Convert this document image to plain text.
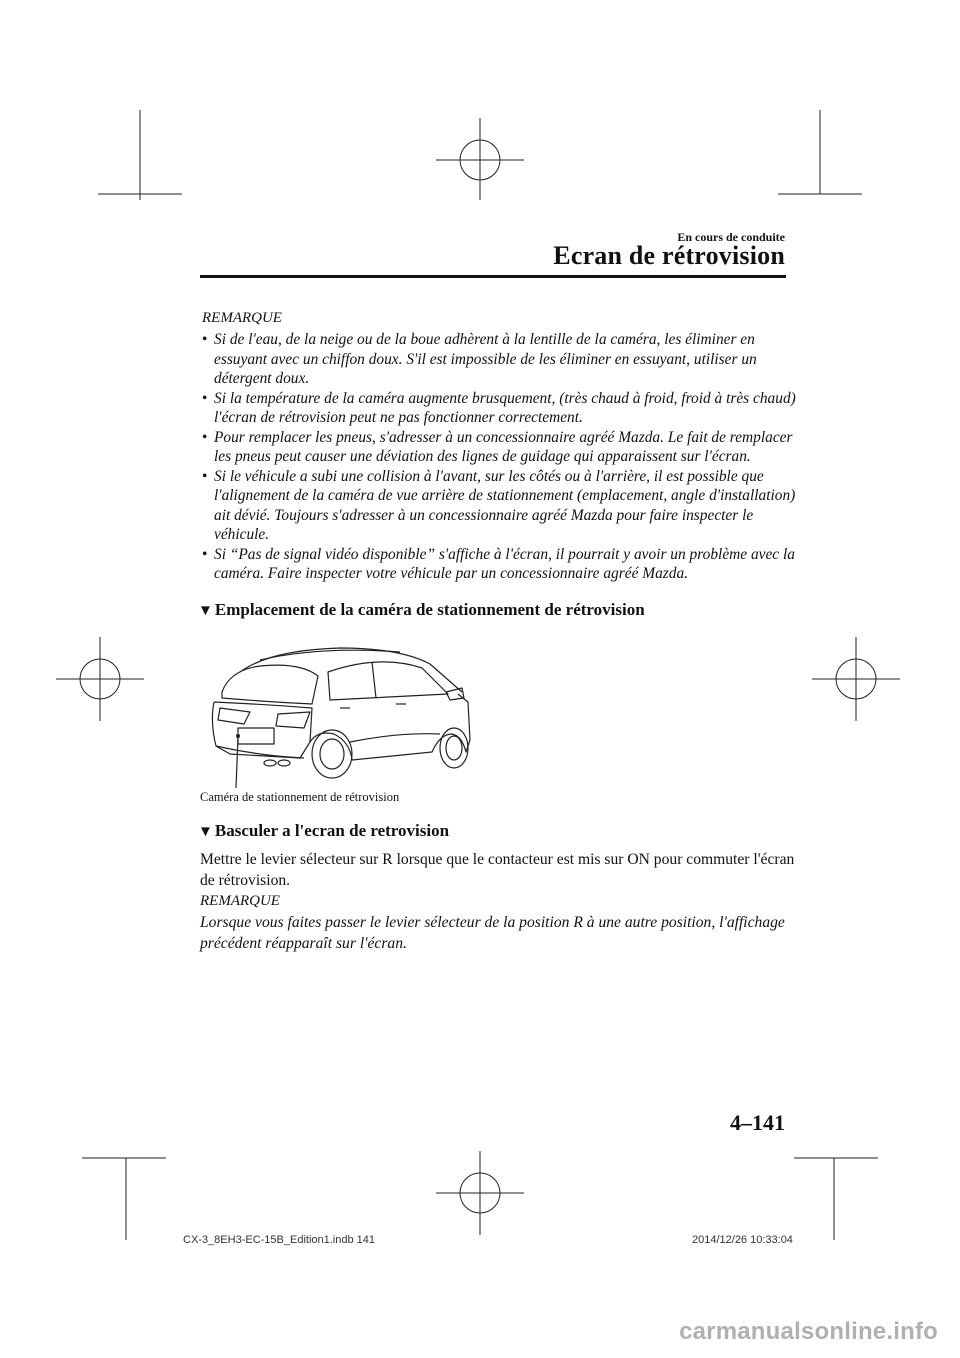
En cours de conduite
Ecran de rétrovision
REMARQUE
• Si de l'eau, de la neige ou de la boue adhèrent à la lentille de la caméra, les éliminer en essuyant avec un chiffon doux. S'il est impossible de les éliminer en essuyant, utiliser un détergent doux.
• Si la température de la caméra augmente brusquement, (très chaud à froid, froid à très chaud) l'écran de rétrovision peut ne pas fonctionner correctement.
• Pour remplacer les pneus, s'adresser à un concessionnaire agréé Mazda. Le fait de remplacer les pneus peut causer une déviation des lignes de guidage qui apparaissent sur l'écran.
• Si le véhicule a subi une collision à l'avant, sur les côtés ou à l'arrière, il est possible que l'alignement de la caméra de vue arrière de stationnement (emplacement, angle d'installation) ait dévié. Toujours s'adresser à un concessionnaire agréé Mazda pour faire inspecter le véhicule.
• Si “Pas de signal vidéo disponible” s'affiche à l'écran, il pourrait y avoir un problème avec la caméra. Faire inspecter votre véhicule par un concessionnaire agréé Mazda.
▼ Emplacement de la caméra de stationnement de rétrovision
Caméra de stationnement de rétrovision
▼ Basculer a l'ecran de retrovision
Mettre le levier sélecteur sur R lorsque que le contacteur est mis sur ON pour commuter l'écran de rétrovision.
REMARQUE
Lorsque vous faites passer le levier sélecteur de la position R à une autre position, l'affichage précédent réapparaît sur l'écran.
4–141
CX-3_8EH3-EC-15B_Edition1.indb 141	2014/12/26 10:33:04
carmanualsonline.info
